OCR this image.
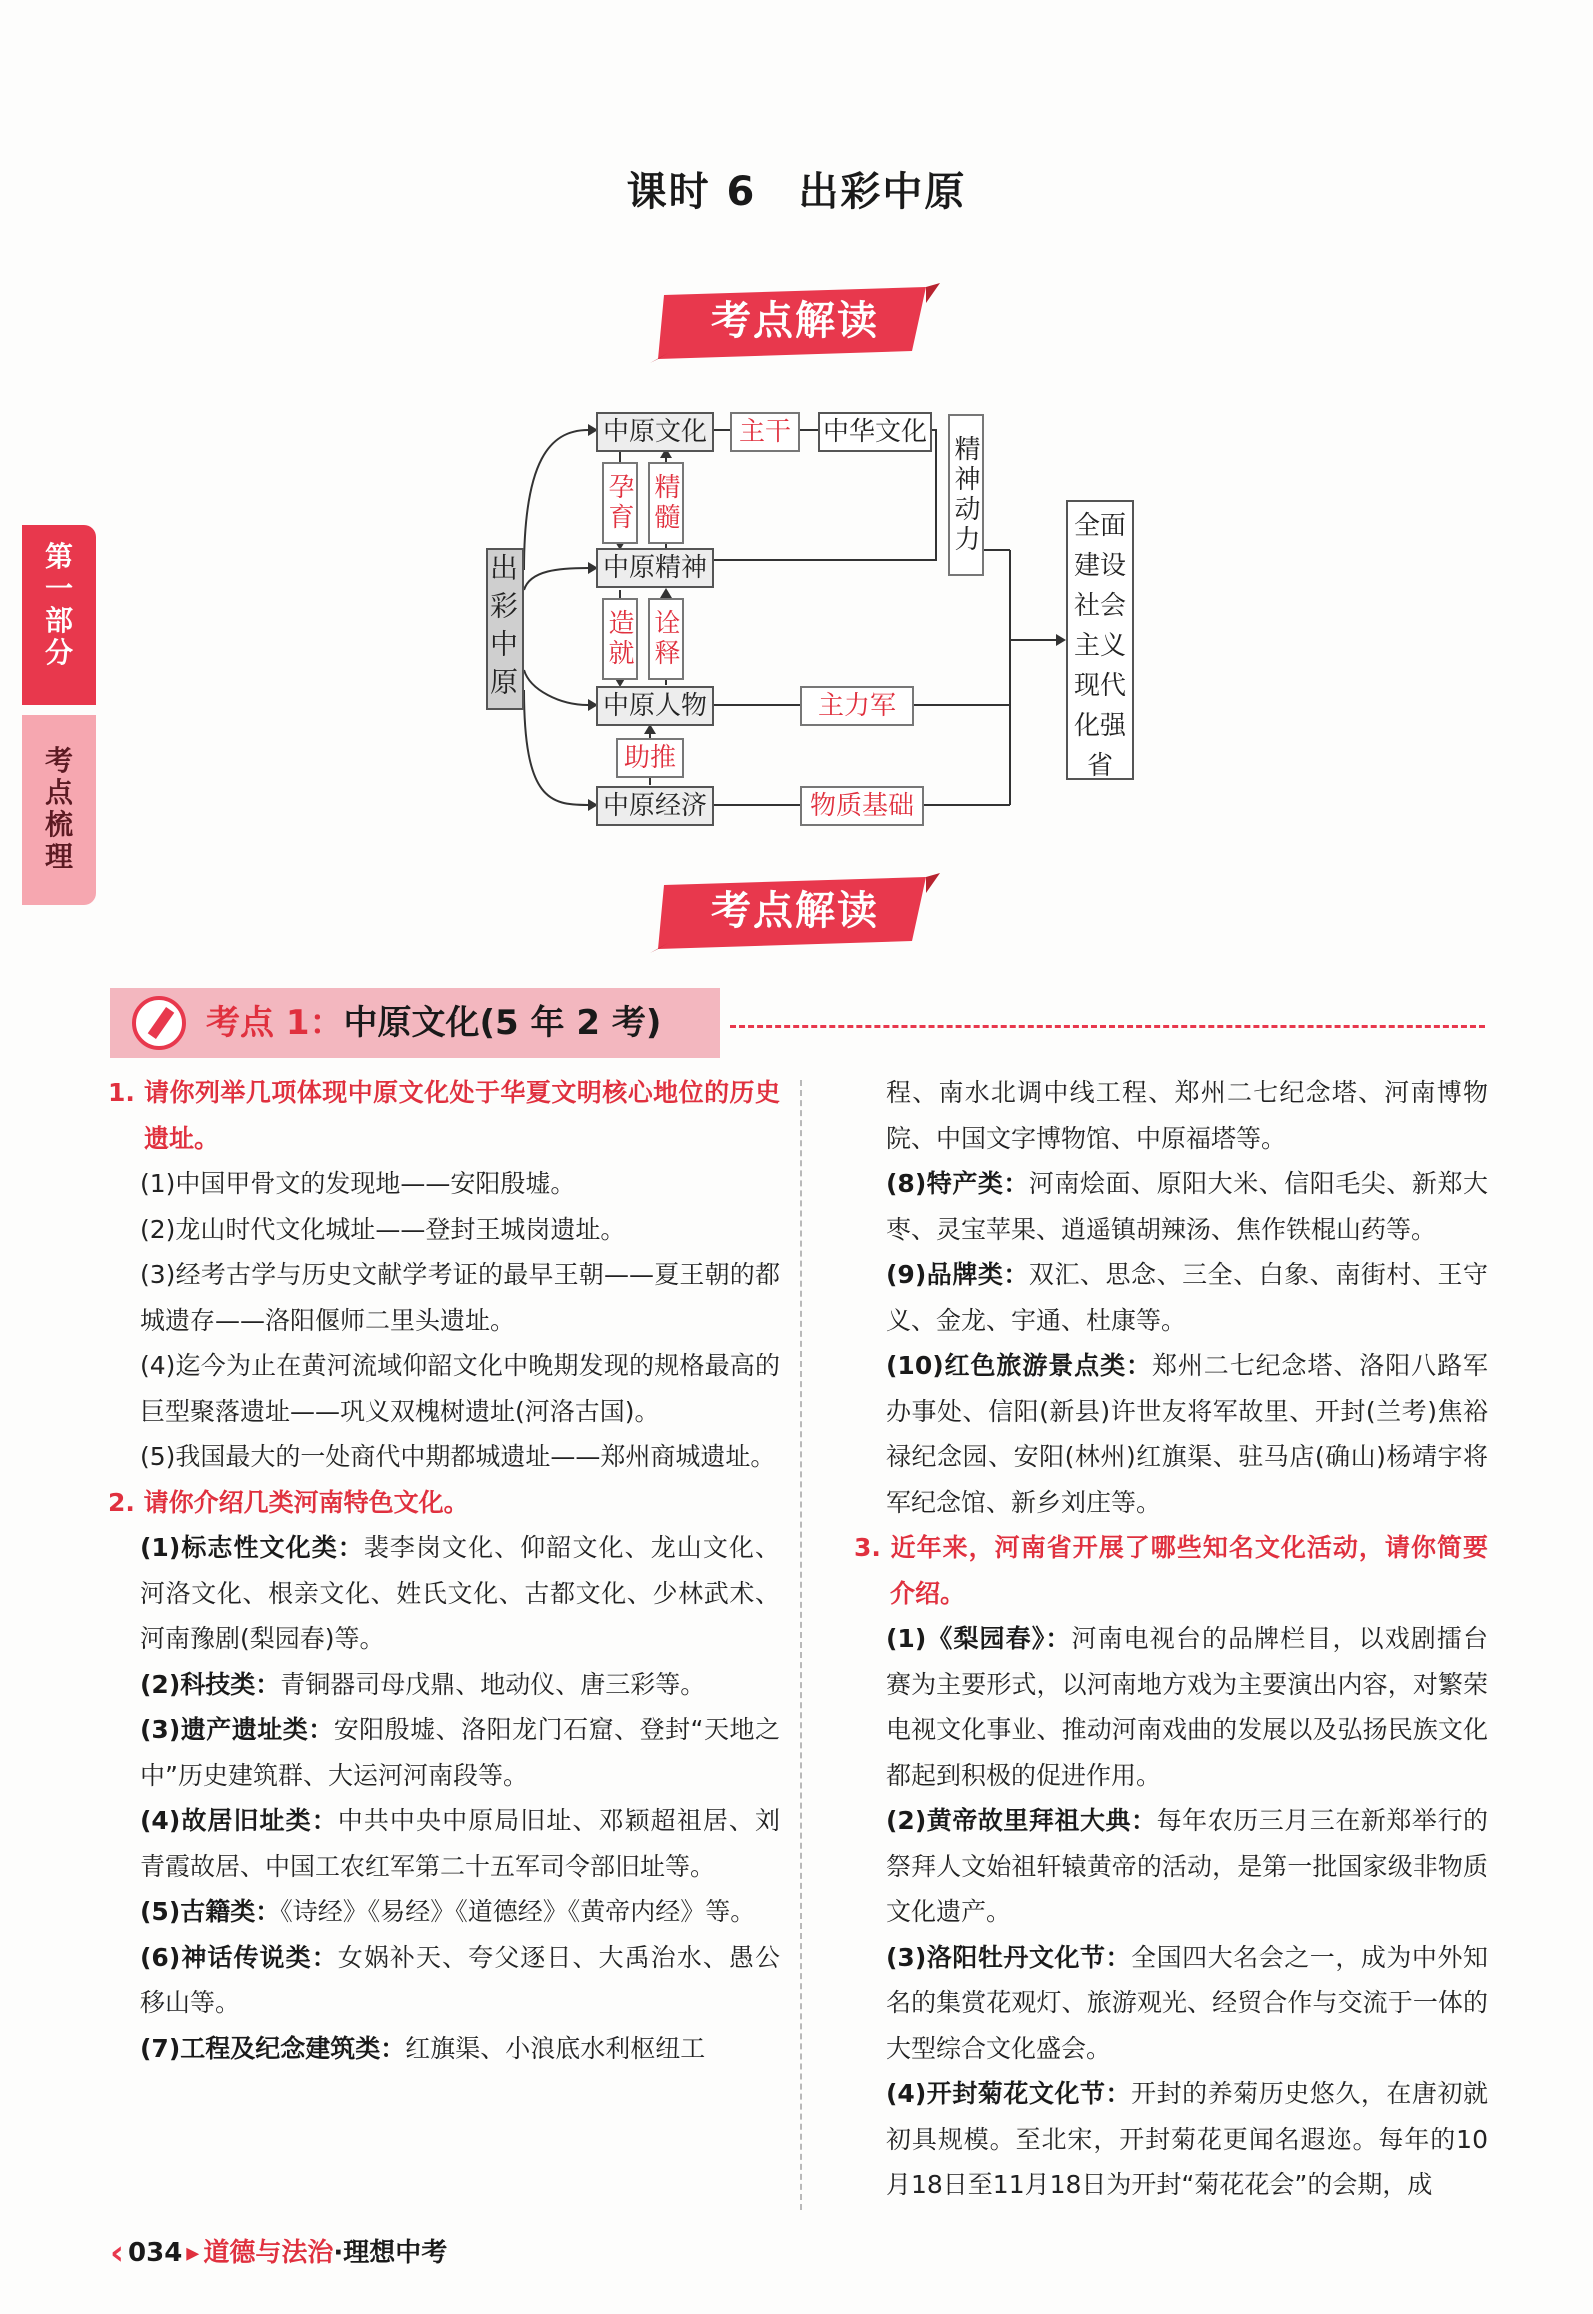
课时 6　出彩中原
考点解读
第
一
部
分
考
点
梳
理
出彩中原
中原文化
中原精神
中原人物
中原经济
主干	中华文化
精神动力	全面建设社会主义现代化强省
孕育 精髓
造就 诠释
助推
主力军
物质基础
考点解读
考点 1：中原文化(5 年 2 考)

1. 请你列举几项体现中原文化处于华夏文明核心地位的历史遗址。

(1)中国甲骨文的发现地——安阳殷墟。

(2)龙山时代文化城址——登封王城岗遗址。

(3)经考古学与历史文献学考证的最早王朝——夏王朝的都城遗存——洛阳偃师二里头遗址。

(4)迄今为止在黄河流域仰韶文化中晚期发现的规格最高的巨型聚落遗址——巩义双槐树遗址(河洛古国)。

(5)我国最大的一处商代中期都城遗址——郑州商城遗址。

2. 请你介绍几类河南特色文化。

(1)标志性文化类：裴李岗文化、仰韶文化、龙山文化、河洛文化、根亲文化、姓氏文化、古都文化、少林武术、河南豫剧(梨园春)等。

(2)科技类：青铜器司母戊鼎、地动仪、唐三彩等。

(3)遗产遗址类：安阳殷墟、洛阳龙门石窟、登封“天地之中”历史建筑群、大运河河南段等。

(4)故居旧址类：中共中央中原局旧址、邓颖超祖居、刘青霞故居、中国工农红军第二十五军司令部旧址等。

(5)古籍类：《诗经》《易经》《道德经》《黄帝内经》等。

(6)神话传说类：女娲补天、夸父逐日、大禹治水、愚公移山等。

(7)工程及纪念建筑类：红旗渠、小浪底水利枢纽工

程、南水北调中线工程、郑州二七纪念塔、河南博物院、中国文字博物馆、中原福塔等。

(8)特产类：河南烩面、原阳大米、信阳毛尖、新郑大枣、灵宝苹果、逍遥镇胡辣汤、焦作铁棍山药等。

(9)品牌类：双汇、思念、三全、白象、南街村、王守义、金龙、宇通、杜康等。

(10)红色旅游景点类：郑州二七纪念塔、洛阳八路军办事处、信阳(新县)许世友将军故里、开封(兰考)焦裕禄纪念园、安阳(林州)红旗渠、驻马店(确山)杨靖宇将军纪念馆、新乡刘庄等。

3. 近年来，河南省开展了哪些知名文化活动，请你简要介绍。

(1)《梨园春》：河南电视台的品牌栏目，以戏剧擂台赛为主要形式，以河南地方戏为主要演出内容，对繁荣电视文化事业、推动河南戏曲的发展以及弘扬民族文化都起到积极的促进作用。

(2)黄帝故里拜祖大典：每年农历三月三在新郑举行的祭拜人文始祖轩辕黄帝的活动，是第一批国家级非物质文化遗产。

(3)洛阳牡丹文化节：全国四大名会之一，成为中外知名的集赏花观灯、旅游观光、经贸合作与交流于一体的大型综合文化盛会。

(4)开封菊花文化节：开封的养菊历史悠久，在唐初就初具规模。至北宋，开封菊花更闻名遐迩。每年的10月18日至11月18日为开封“菊花花会”的会期，成

‹ 034 ▸ 道德与法治·理想中考
